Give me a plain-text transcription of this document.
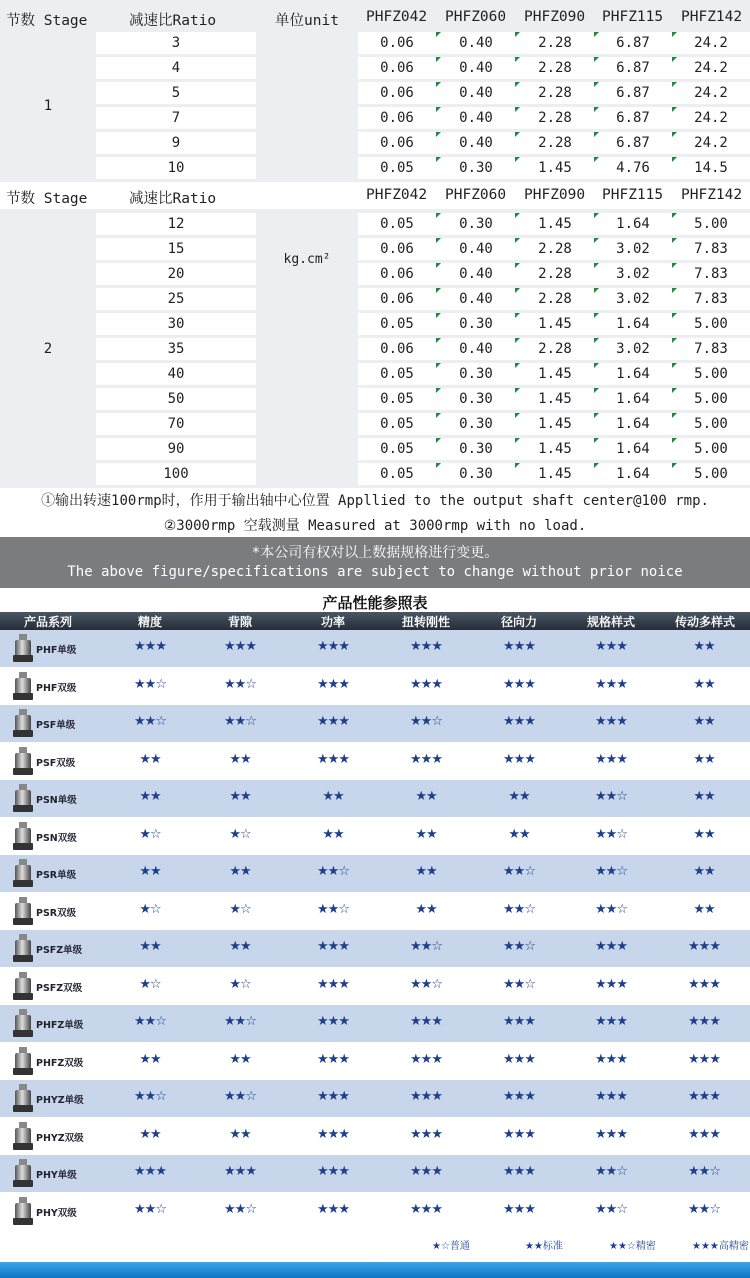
节数 Stage	减速比Ratio	单位unit PHFZ042 PHFZ060 PHFZ090 PHFZ115 PHFZ142
1
3	0.06	0.40	2.28	6.87	24.2
4	0.06	0.40	2.28	6.87	24.2
5	0.06	0.40	2.28	6.87	24.2
7	0.06	0.40	2.28	6.87	24.2
9	0.06	0.40	2.28	6.87	24.2
10	0.05	0.30	1.45	4.76	14.5
节数 Stage	减速比Ratio	PHFZ042 PHFZ060 PHFZ090 PHFZ115 PHFZ142
kg.cm²
2
12	0.05	0.30	1.45	1.64	5.00
15	0.06	0.40	2.28	3.02	7.83
20	0.06	0.40	2.28	3.02	7.83
25	0.06	0.40	2.28	3.02	7.83
30	0.05	0.30	1.45	1.64	5.00
35	0.06	0.40	2.28	3.02	7.83
40	0.05	0.30	1.45	1.64	5.00
50	0.05	0.30	1.45	1.64	5.00
70	0.05	0.30	1.45	1.64	5.00
90	0.05	0.30	1.45	1.64	5.00
100	0.05	0.30	1.45	1.64	5.00
①输出转速100rmp时，作用于输出轴中心位置 Appllied to the output shaft center@100 rmp.
②3000rmp 空载测量 Measured at 3000rmp with no load.
*本公司有权对以上数据规格进行变更。
The above figure/specifications are subject to change without prior noice
产品性能参照表
产品系列	精度	背隙	功率	扭转刚性	径向力	规格样式	传动多样式
PHF单级	★★★	★★★	★★★	★★★	★★★	★★★	★★
PHF双级	★★☆	★★☆	★★★	★★★	★★★	★★★	★★
PSF单级	★★☆	★★☆	★★★	★★☆	★★★	★★★	★★
PSF双级	★★	★★	★★★	★★★	★★★	★★★	★★
PSN单级	★★	★★	★★	★★	★★	★★☆	★★
PSN双级	★☆	★☆	★★	★★	★★	★★☆	★★
PSR单级	★★	★★	★★☆	★★	★★☆	★★☆	★★
PSR双级	★☆	★☆	★★☆	★★	★★☆	★★☆	★★
PSFZ单级	★★	★★	★★★	★★☆	★★☆	★★★	★★★
PSFZ双级	★☆	★☆	★★★	★★☆	★★☆	★★★	★★★
PHFZ单级	★★☆	★★☆	★★★	★★★	★★★	★★★	★★★
PHFZ双级	★★	★★	★★★	★★★	★★★	★★★	★★★
PHYZ单级	★★☆	★★☆	★★★	★★★	★★★	★★★	★★★
PHYZ双级	★★	★★	★★★	★★★	★★★	★★★	★★★
PHY单级	★★★	★★★	★★★	★★★	★★★	★★☆	★★☆
PHY双级	★★☆	★★☆	★★★	★★★	★★★	★★☆	★★☆
★☆普通	★★标准	★★☆精密	★★★高精密
